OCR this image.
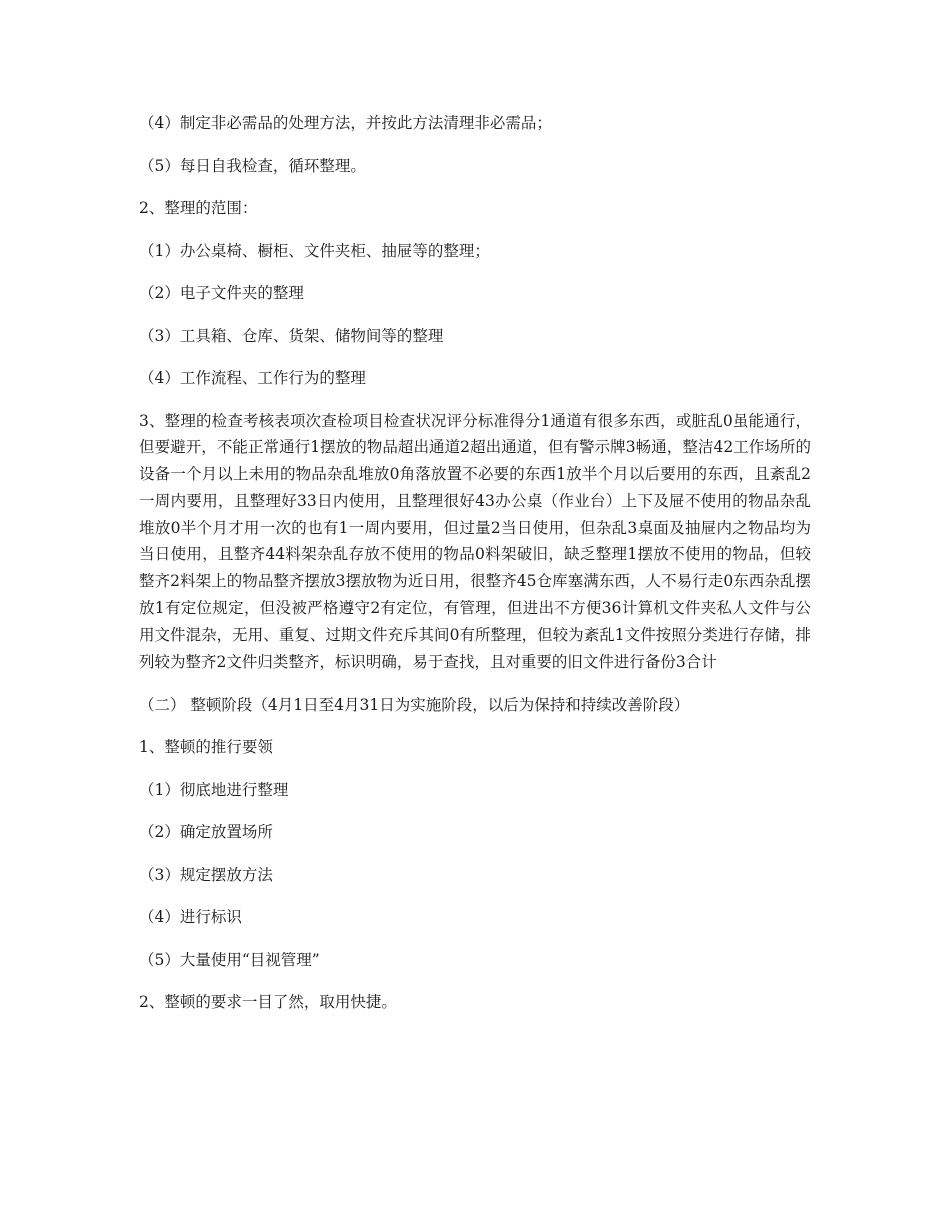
（4）制定非必需品的处理方法，并按此方法清理非必需品；

（5）每日自我检查，循环整理。

2、整理的范围：

（1）办公桌椅、橱柜、文件夹柜、抽屉等的整理；

（2）电子文件夹的整理

（3）工具箱、仓库、货架、储物间等的整理

（4）工作流程、工作行为的整理

3、整理的检查考核表项次查检项目检查状况评分标准得分1通道有很多东西，或脏乱0虽能通行，但要避开，不能正常通行1摆放的物品超出通道2超出通道，但有警示牌3畅通，整洁42工作场所的设备一个月以上未用的物品杂乱堆放0角落放置不必要的东西1放半个月以后要用的东西，且紊乱2一周内要用，且整理好33日内使用，且整理很好43办公桌（作业台）上下及屉不使用的物品杂乱堆放0半个月才用一次的也有1一周内要用，但过量2当日使用，但杂乱3桌面及抽屉内之物品均为当日使用，且整齐44料架杂乱存放不使用的物品0料架破旧，缺乏整理1摆放不使用的物品，但较整齐2料架上的物品整齐摆放3摆放物为近日用，很整齐45仓库塞满东西，人不易行走0东西杂乱摆放1有定位规定，但没被严格遵守2有定位，有管理，但进出不方便36计算机文件夹私人文件与公用文件混杂，无用、重复、过期文件充斥其间0有所整理，但较为紊乱1文件按照分类进行存储，排列较为整齐2文件归类整齐，标识明确，易于查找，且对重要的旧文件进行备份3合计

（二） 整顿阶段（4月1日至4月31日为实施阶段，以后为保持和持续改善阶段）

1、整顿的推行要领

（1）彻底地进行整理

（2）确定放置场所

（3）规定摆放方法

（4）进行标识

（5）大量使用“目视管理”

2、整顿的要求一目了然，取用快捷。
